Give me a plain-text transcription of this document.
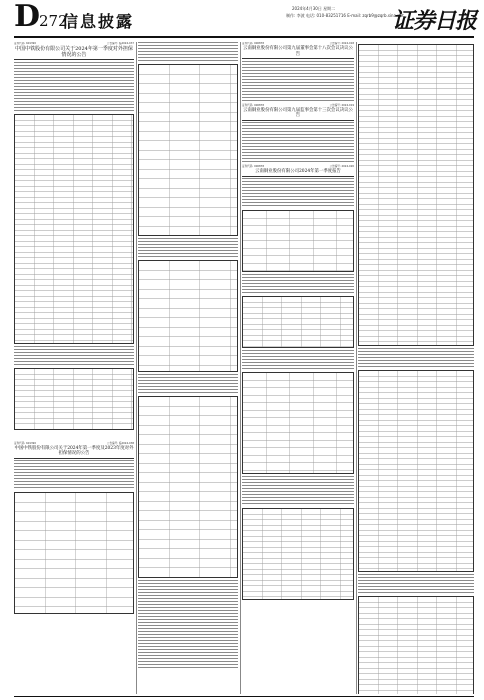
D272
信息披露
2024年4月30日 星期二
制作: 李波 电话: 010-83251716 E-mail: zqrb9@zqrb.sina.net
证券日报
证券代码: 601390	公告编号: 临2024-037
中国中铁股份有限公司关于2024年第一季度对外担保情况的公告
证券代码: 601390	公告编号: 临2024-038
中国中铁股份有限公司关于2024年第一季度及2023年度对外担保情况的公告
证券代码: 000878	公告编号: 2024-018
云南铜业股份有限公司第九届董事会第十八次会议决议公告
证券代码: 000878	公告编号: 2024-019
云南铜业股份有限公司第九届监事会第十三次会议决议公告
证券代码: 000878	公告编号: 2024-020
云南铜业股份有限公司2024年第一季度报告
